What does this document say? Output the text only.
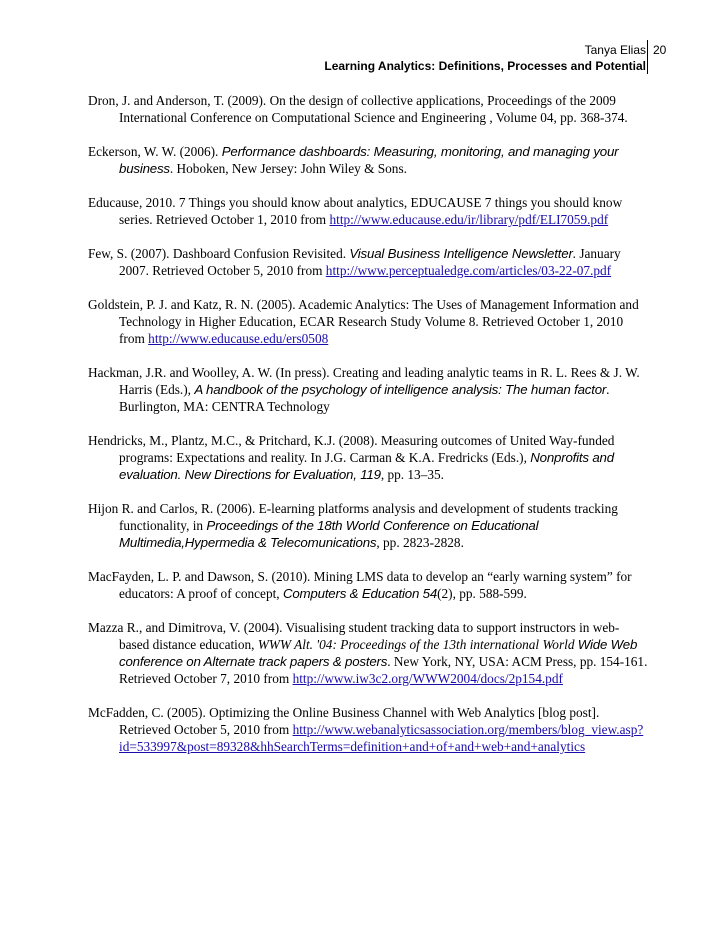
Tanya Elias
Learning Analytics: Definitions, Processes and Potential
20

Dron, J. and Anderson, T. (2009). On the design of collective applications, Proceedings of the 2009 International Conference on Computational Science and Engineering , Volume 04, pp. 368-374.

Eckerson, W. W. (2006). Performance dashboards: Measuring, monitoring, and managing your business. Hoboken, New Jersey: John Wiley & Sons.

Educause, 2010. 7 Things you should know about analytics, EDUCAUSE 7 things you should know series. Retrieved October 1, 2010 from http://www.educause.edu/ir/library/pdf/ELI7059.pdf

Few, S. (2007). Dashboard Confusion Revisited. Visual Business Intelligence Newsletter. January 2007. Retrieved October 5, 2010 from http://www.perceptualedge.com/articles/03-22-07.pdf

Goldstein, P. J. and Katz, R. N. (2005). Academic Analytics: The Uses of Management Information and Technology in Higher Education, ECAR Research Study Volume 8. Retrieved October 1, 2010 from http://www.educause.edu/ers0508

Hackman, J.R. and Woolley, A. W. (In press). Creating and leading analytic teams in R. L. Rees & J. W. Harris (Eds.), A handbook of the psychology of intelligence analysis: The human factor. Burlington, MA: CENTRA Technology

Hendricks, M., Plantz, M.C., & Pritchard, K.J. (2008). Measuring outcomes of United Way-funded programs: Expectations and reality. In J.G. Carman & K.A. Fredricks (Eds.), Nonprofits and evaluation. New Directions for Evaluation, 119, pp. 13–35.

Hijon R. and Carlos, R. (2006). E-learning platforms analysis and development of students tracking functionality, in Proceedings of the 18th World Conference on Educational Multimedia,Hypermedia & Telecomunications, pp. 2823-2828.

MacFayden, L. P. and Dawson, S. (2010). Mining LMS data to develop an “early warning system” for educators: A proof of concept, Computers & Education 54(2), pp. 588-599.

Mazza R., and Dimitrova, V. (2004). Visualising student tracking data to support instructors in web-based distance education, WWW Alt. '04: Proceedings of the 13th international World Wide Web conference on Alternate track papers & posters. New York, NY, USA: ACM Press, pp. 154-161. Retrieved October 7, 2010 from http://www.iw3c2.org/WWW2004/docs/2p154.pdf

McFadden, C. (2005). Optimizing the Online Business Channel with Web Analytics [blog post]. Retrieved October 5, 2010 from http://www.webanalyticsassociation.org/members/blog_view.asp?id=533997&post=89328&hhSearchTerms=definition+and+of+and+web+and+analytics
